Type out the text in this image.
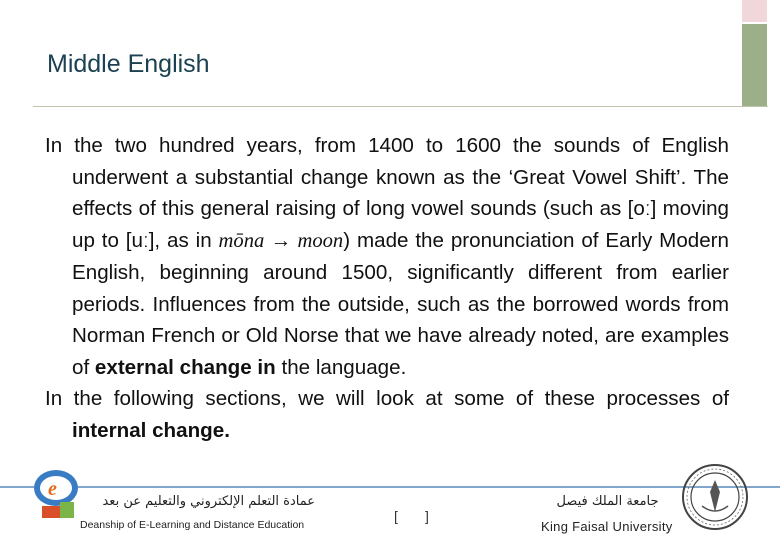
Middle English

In the two hundred years, from 1400 to 1600 the sounds of English underwent a substantial change known as the ‘Great Vowel Shift’. The effects of this general raising of long vowel sounds (such as [oː] moving up to [uː], as in mōna → moon) made the pronunciation of Early Modern English, beginning around 1500, significantly different from earlier periods. Influences from the outside, such as the borrowed words from Norman French or Old Norse that we have already noted, are examples of external change in the language.

In the following sections, we will look at some of these processes of internal change.

e
عمادة التعلم الإلكتروني والتعليم عن بعد
Deanship of E-Learning and Distance Education
[ ]
جامعة الملك فيصل
King Faisal University
